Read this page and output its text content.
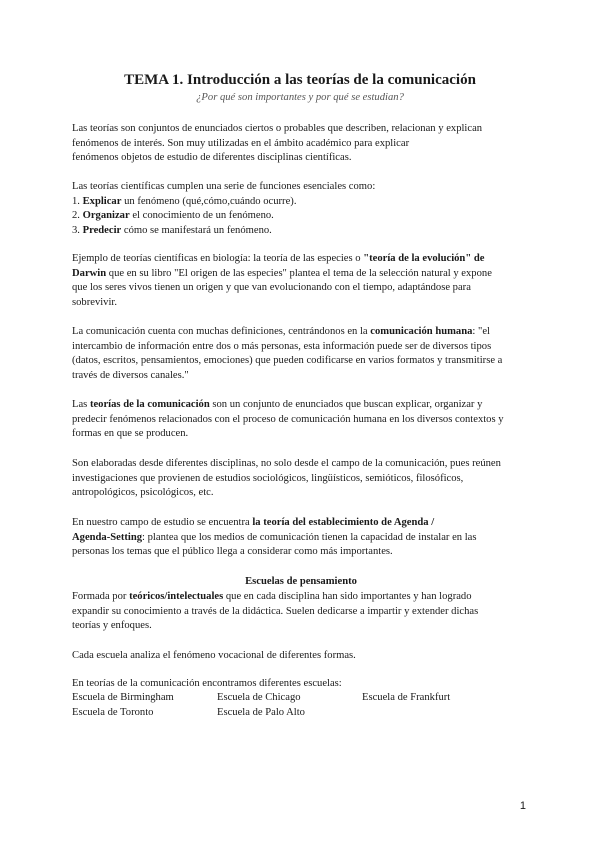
TEMA 1. Introducción a las teorías de la comunicación
¿Por qué son importantes y por qué se estudian?
Las teorías son conjuntos de enunciados ciertos o probables que describen, relacionan y explican
fenómenos de interés. Son muy utilizadas en el ámbito académico para explicar
fenómenos objetos de estudio de diferentes disciplinas científicas.
Las teorías científicas cumplen una serie de funciones esenciales como:
1. Explicar un fenómeno (qué,cómo,cuándo ocurre).
2. Organizar el conocimiento de un fenómeno.
3. Predecir cómo se manifestará un fenómeno.
Ejemplo de teorías científicas en biología: la teoría de las especies o "teoría de la evolución" de
Darwin que en su libro "El origen de las especies" plantea el tema de la selección natural y expone
que los seres vivos tienen un origen y que van evolucionando con el tiempo, adaptándose para
sobrevivir.
La comunicación cuenta con muchas definiciones, centrándonos en la comunicación humana: "el
intercambio de información entre dos o más personas, esta información puede ser de diversos tipos
(datos, escritos, pensamientos, emociones) que pueden codificarse en varios formatos y transmitirse a
través de diversos canales."
Las teorías de la comunicación son un conjunto de enunciados que buscan explicar, organizar y
predecir fenómenos relacionados con el proceso de comunicación humana en los diversos contextos y
formas en que se producen.
Son elaboradas desde diferentes disciplinas, no solo desde el campo de la comunicación, pues reúnen
investigaciones que provienen de estudios sociológicos, lingüísticos, semióticos, filosóficos,
antropológicos, psicológicos, etc.
En nuestro campo de estudio se encuentra la teoría del establecimiento de Agenda /
Agenda-Setting: plantea que los medios de comunicación tienen la capacidad de instalar en las
personas los temas que el público llega a considerar como más importantes.
Escuelas de pensamiento
Formada por teóricos/intelectuales que en cada disciplina han sido importantes y han logrado
expandir su conocimiento a través de la didáctica. Suelen dedicarse a impartir y extender dichas
teorías y enfoques.
Cada escuela analiza el fenómeno vocacional de diferentes formas.
En teorías de la comunicación encontramos diferentes escuelas:
Escuela de Birmingham	Escuela de Chicago	Escuela de Frankfurt
Escuela de Toronto	Escuela de Palo Alto
1
